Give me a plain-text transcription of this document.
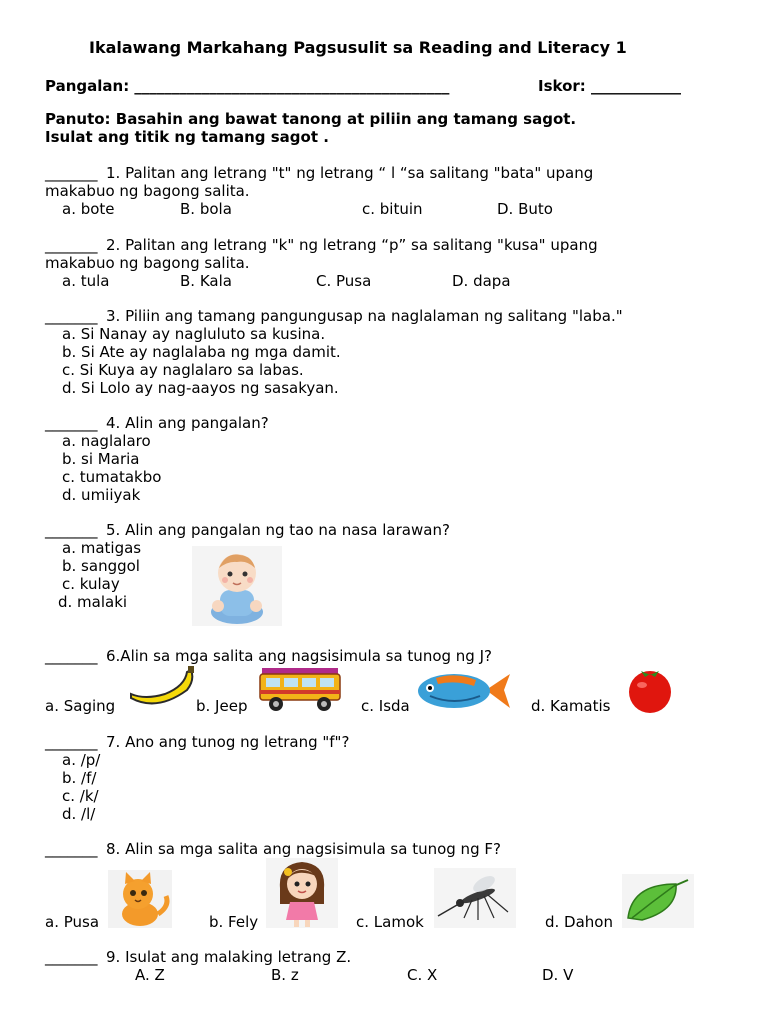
Ikalawang Markahang Pagsusulit sa Reading and Literacy 1
Pangalan: __________________________________________	Iskor: ____________
Panuto: Basahin ang bawat tanong at piliin ang tamang sagot.
Isulat ang titik ng tamang sagot .
_______ 1. Palitan ang letrang "t" ng letrang “ l “sa salitang "bata" upang
makabuo ng bagong salita.
a. bote	B. bola	c. bituin	D. Buto
_______ 2. Palitan ang letrang "k" ng letrang “p” sa salitang "kusa" upang
makabuo ng bagong salita.
a. tula	B. Kala	C. Pusa	D. dapa
_______ 3. Piliin ang tamang pangungusap na naglalaman ng salitang "laba."
a. Si Nanay ay nagluluto sa kusina.
b. Si Ate ay naglalaba ng mga damit.
c. Si Kuya ay naglalaro sa labas.
d. Si Lolo ay nag-aayos ng sasakyan.
_______ 4. Alin ang pangalan?
a. naglalaro
b. si Maria
c. tumatakbo
d. umiiyak
_______ 5. Alin ang pangalan ng tao na nasa larawan?
a. matigas
b. sanggol
c. kulay
d. malaki
_______ 6.Alin sa mga salita ang nagsisimula sa tunog ng J?
a. Saging	b. Jeep	c. Isda	d. Kamatis
_______ 7. Ano ang tunog ng letrang "f"?
a. /p/
b. /f/
c. /k/
d. /l/
_______ 8. Alin sa mga salita ang nagsisimula sa tunog ng F?
a. Pusa	b. Fely	c. Lamok	d. Dahon
_______ 9. Isulat ang malaking letrang Z.
A. Z	B. z	C. X	D. V
